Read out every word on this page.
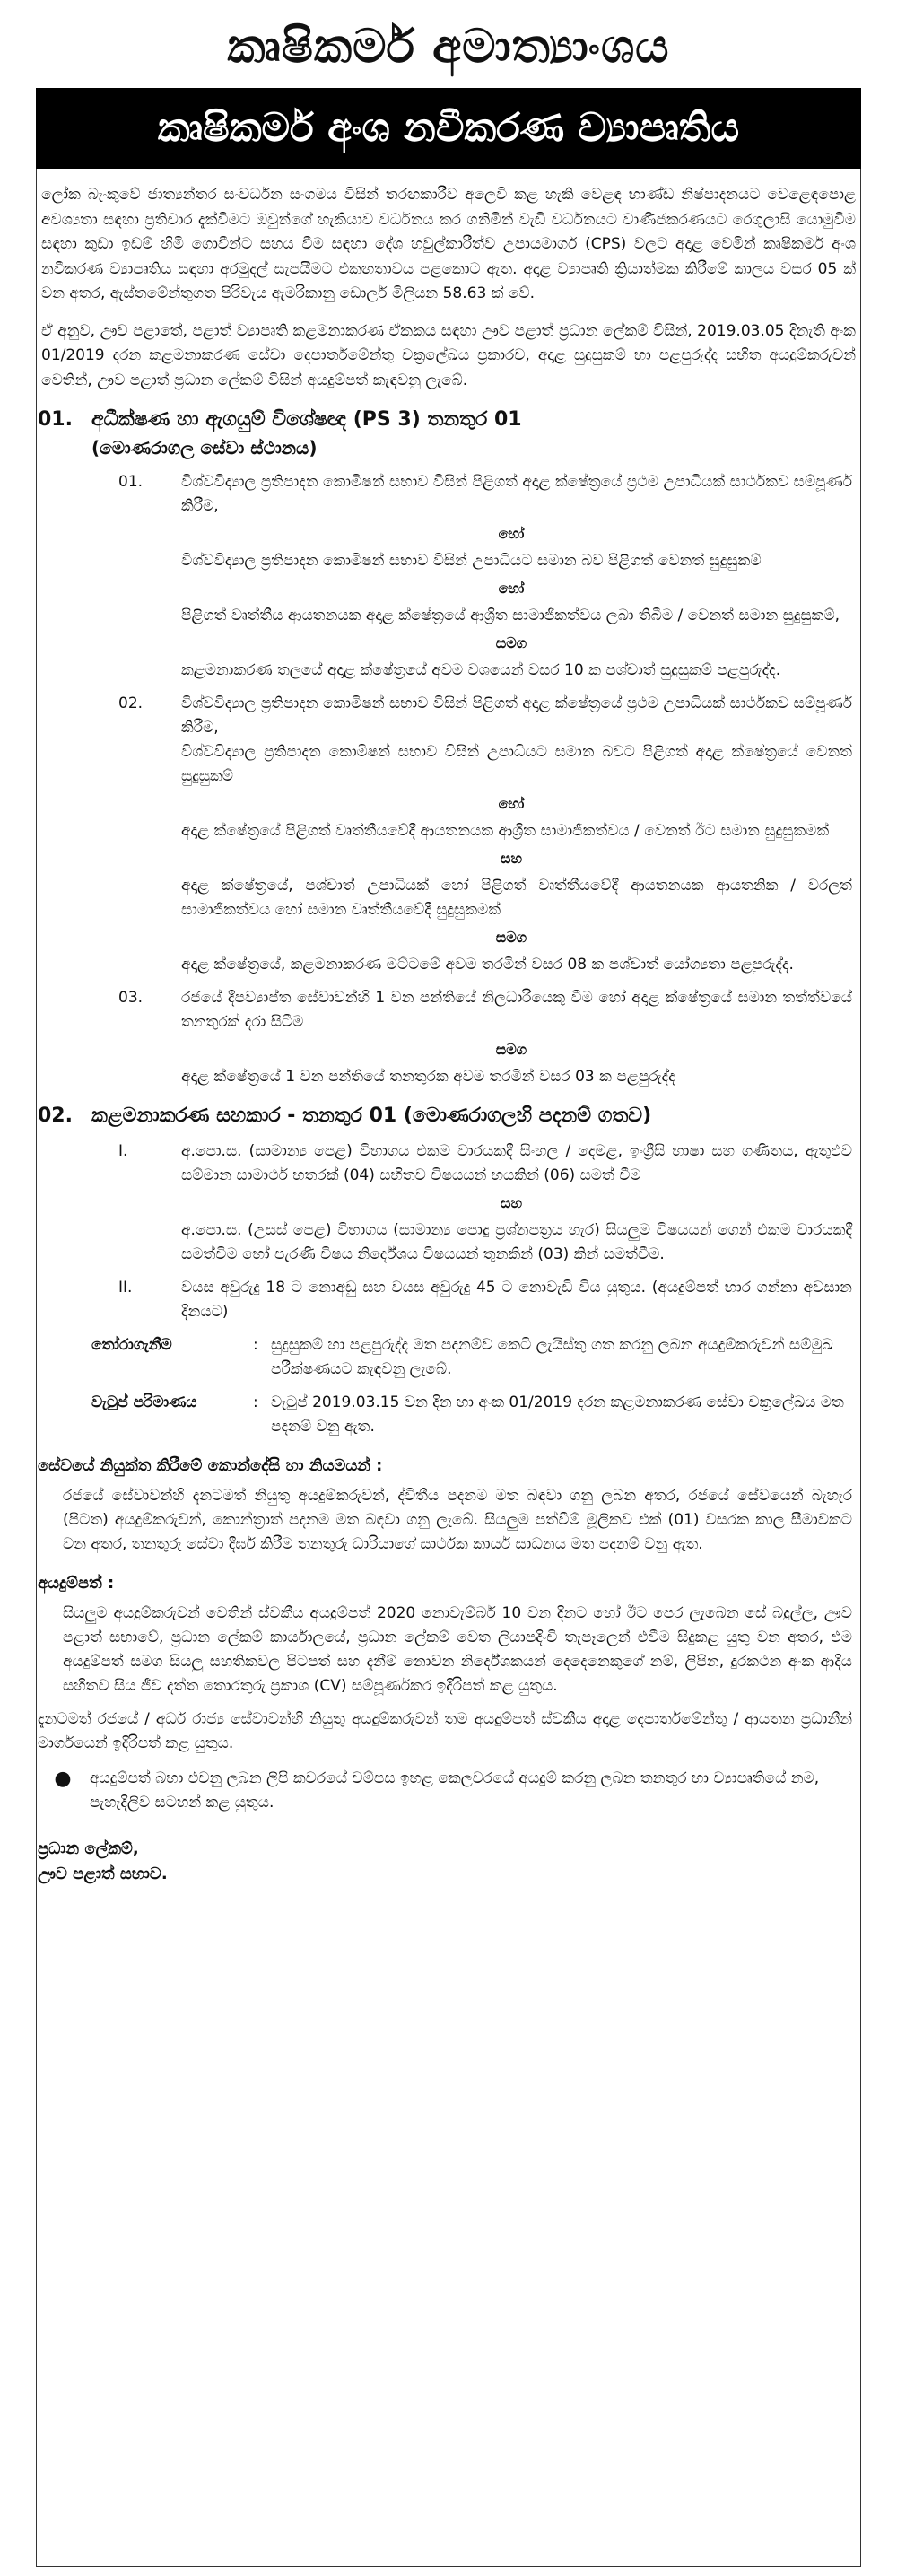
කෘෂිකර්ම අමාත්‍යාංශය
කෘෂිකර්ම අංශ නවීකරණ ව්‍යාපෘතිය

ලෝක බැංකුවේ ජාත්‍යන්තර සංවර්ධන සංගමය විසින් තරඟකාරීව අලෙවි කළ හැකි වෙළඳ භාණ්ඩ නිෂ්පාදනයට වෙළෙඳපොළ අවශ්‍යතා සඳහා ප්‍රතිචාර දැක්වීමට ඔවුන්ගේ හැකියාව වර්ධනය කර ගනිමින් වැඩි වර්ධනයට වාණිජකරණයට රෙගුලාසි යොමුවීම සඳහා කුඩා ඉඩම් හිමි ගොවීන්ට සහය වීම සඳහා දේශ හවුල්කාරීත්ව උපායමාර්ග (CPS) වලට අදාළ වෙමින් කෘෂිකර්ම අංශ නවීකරණ ව්‍යාපෘතිය සඳහා අරමුදල් සැපයීමට එකඟතාවය පළකොට ඇත. අදාළ ව්‍යාපෘති ක්‍රියාත්මක කිරීමේ කාලය වසර 05 ක් වන අතර, ඇස්තමේන්තුගත පිරිවැය ඇමරිකානු ඩොලර් මිලියන 58.63 ක් වේ.

ඒ අනුව, ඌව පළාතේ, පළාත් ව්‍යාපෘති කළමනාකරණ ඒකකය සඳහා ඌව පළාත් ප්‍රධාන ලේකම් විසින්, 2019.03.05 දිනැති අංක 01/2019 දරන කළමනාකරණ සේවා දෙපාර්තමේන්තු චක්‍රලේඛය ප්‍රකාරව, අදාළ සුදුසුකම් හා පළපුරුද්ද සහිත අයදුම්කරුවන් වෙතින්, ඌව පළාත් ප්‍රධාන ලේකම් විසින් අයදුම්පත් කැඳවනු ලැබේ.

01. අධීක්ෂණ හා ඇගයුම් විශේෂඥ (PS 3) තනතුර 01
(මොණරාගල සේවා ස්ථානය)
01.	විශ්වවිද්‍යාල ප්‍රතිපාදන කොමිෂන් සභාව විසින් පිළිගත් අදාළ ක්ෂේත්‍රයේ ප්‍රථම උපාධියක් සාර්ථකව සම්පූර්ණ කිරීම,
හෝ
විශ්වවිද්‍යාල ප්‍රතිපාදන කොමිෂන් සභාව විසින් උපාධියට සමාන බව පිළිගත් වෙනත් සුදුසුකම්
හෝ
පිළිගත් වෘත්තීය ආයතනයක අදාළ ක්ෂේත්‍රයේ ආශ්‍රිත සාමාජිකත්වය ලබා තිබීම / වෙනත් සමාන සුදුසුකම්,
සමග
කළමනාකරණ තලයේ අදාළ ක්ෂේත්‍රයේ අවම වශයෙන් වසර 10 ක පශ්චාත් සුදුසුකම් පළපුරුද්ද.
02.	විශ්වවිද්‍යාල ප්‍රතිපාදන කොමිෂන් සභාව විසින් පිළිගත් අදාළ ක්ෂේත්‍රයේ ප්‍රථම උපාධියක් සාර්ථකව සම්පූර්ණ කිරීම,
විශ්වවිද්‍යාල ප්‍රතිපාදන කොමිෂන් සභාව විසින් උපාධියට සමාන බවට පිළිගත් අදාළ ක්ෂේත්‍රයේ වෙනත් සුදුසුකම්
හෝ
අදාළ ක්ෂේත්‍රයේ පිළිගත් වෘත්තීයවේදී ආයතනයක ආශ්‍රිත සාමාජිකත්වය / වෙනත් ඊට සමාන සුදුසුකමක්
සහ
අදාළ ක්ෂේත්‍රයේ, පශ්චාත් උපාධියක් හෝ පිළිගත් වෘත්තීයවේදී ආයතනයක ආයතනික / වරලත් සාමාජිකත්වය හෝ සමාන වෘත්තීයවේදී සුදුසුකමක්
සමග
අදාළ ක්ෂේත්‍රයේ, කළමනාකරණ මට්ටමේ අවම තරමින් වසර 08 ක පශ්චාත් යෝග්‍යතා පළපුරුද්ද.
03.	රජයේ දීපව්‍යාප්ත සේවාවන්හි 1 වන පන්තියේ නිලධාරියෙකු වීම හෝ අදාළ ක්ෂේත්‍රයේ සමාන තත්ත්වයේ තනතුරක් දරා සිටීම
සමග
අදාළ ක්ෂේත්‍රයේ 1 වන පන්තියේ තනතුරක අවම තරමින් වසර 03 ක පළපුරුද්ද
02. කළමනාකරණ සහකාර - තනතුර 01 (මොණරාගලහි පදනම් ගතව)
I.	අ.පො.ස. (සාමාන්‍ය පෙළ) විභාගය එකම වාරයකදී සිංහල / දෙමළ, ඉංග්‍රීසි භාෂා සහ ගණිතය, ඇතුළුව සම්මාන සාමාර්ථ හතරක් (04) සහිතව විෂයයන් හයකින් (06) සමත් වීම
සහ
අ.පො.ස. (උසස් පෙළ) විභාගය (සාමාන්‍ය පොදු ප්‍රශ්නපත්‍රය හැර) සියලුම විෂයයන් ගෙන් එකම වාරයකදී සමත්වීම හෝ පැරණි විෂය නිර්දේශය විෂයයන් තුනකින් (03) කින් සමත්වීම.
II.	වයස අවුරුදු 18 ට නොඅඩු සහ වයස අවුරුදු 45 ට නොවැඩි විය යුතුය. (අයදුම්පත් භාර ගන්නා අවසාන දිනයට)
තෝරාගැනීම	: සුදුසුකම් හා පළපුරුද්ද මත පදනම්ව කෙටි ලැයිස්තු ගත කරනු ලබන අයදුම්කරුවන් සම්මුඛ පරීක්ෂණයට කැඳවනු ලැබේ.
වැටුප් පරිමාණය	: වැටුප් 2019.03.15 වන දින හා අංක 01/2019 දරන කළමනාකරණ සේවා චක්‍රලේඛය මත පදනම් වනු ඇත.
සේවයේ නියුක්ත කිරීමේ කොන්දේසි හා නියමයන් :

රජයේ සේවාවන්හි දැනටමත් නියුතු අයදුම්කරුවන්, ද්විතීය පදනම මත බඳවා ගනු ලබන අතර, රජයේ සේවයෙන් බැහැර (පිටත) අයදුම්කරුවන්, කොන්ත්‍රාත් පදනම මත බඳවා ගනු ලැබේ. සියලුම පත්වීම් මූලිකව එක් (01) වසරක කාල සීමාවකට වන අතර, තනතුරු සේවා දීර්ඝ කිරීම තනතුරු ධාරියාගේ සාර්ථක කාර්ය සාධනය මත පදනම් වනු ඇත.

අයදුම්පත් :

සියලුම අයදුම්කරුවන් වෙතින් ස්වකීය අයදුම්පත් 2020 නොවැම්බර් 10 වන දිනට හෝ ඊට පෙර ලැබෙන සේ බදුල්ල, ඌව පළාත් සභාවේ, ප්‍රධාන ලේකම් කාර්යාලයේ, ප්‍රධාන ලේකම් වෙත ලියාපදිංචි තැපෑලෙන් එවීම සිදුකළ යුතු වන අතර, එම අයදුම්පත් සමග සියලු සහතිකවල පිටපත් සහ දැනීම් නොවන නිර්දේශකයන් දෙදෙනෙකුගේ නම්, ලිපින, දුරකථන අංක ආදිය සහිතව සිය ජීව දත්ත තොරතුරු ප්‍රකාශ (CV) සම්පූර්ණකර ඉදිරිපත් කළ යුතුය.

දැනටමත් රජයේ / අර්ධ රාජ්‍ය සේවාවන්හි නියුතු අයදුම්කරුවන් තම අයදුම්පත් ස්වකීය අදාළ දෙපාර්තමේන්තු / ආයතන ප්‍රධානීන් මාර්ගයෙන් ඉදිරිපත් කළ යුතුය.

●	අයදුම්පත් බහා එවනු ලබන ලිපි කවරයේ වම්පස ඉහළ කෙලවරයේ අයදුම් කරනු ලබන තනතුර හා ව්‍යාපෘතියේ නම, පැහැදිලිව සටහන් කළ යුතුය.
ප්‍රධාන ලේකම්,
ඌව පළාත් සභාව.
